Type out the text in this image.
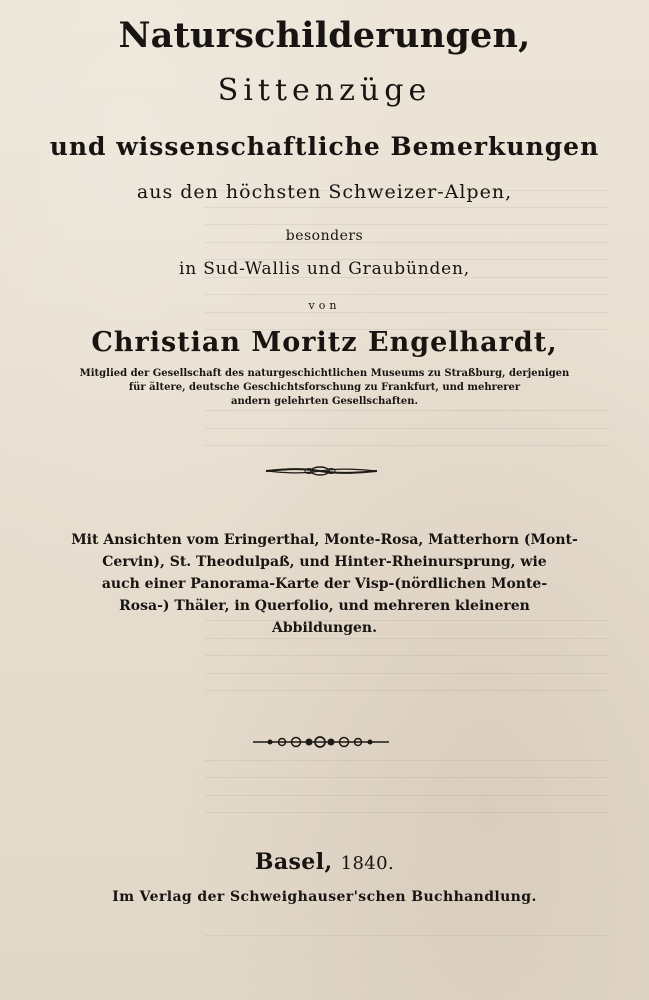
Naturschilderungen,
Sittenzüge
und wissenschaftliche Bemerkungen
aus den höchsten Schweizer-Alpen,
besonders
in Sud-Wallis und Graubünden,
von
Christian Moritz Engelhardt,
Mitglied der Gesellschaft des naturgeschichtlichen Museums zu Straßburg, derjenigen
für ältere, deutsche Geschichtsforschung zu Frankfurt, und mehrerer
andern gelehrten Gesellschaften.
Mit Ansichten vom Eringerthal, Monte-Rosa, Matterhorn (Mont-
Cervin), St. Theodulpaß, und Hinter-Rheinursprung, wie
auch einer Panorama-Karte der Visp-(nördlichen Monte-
Rosa-) Thäler, in Querfolio, und mehreren kleineren
Abbildungen.
Basel, 1840.
Im Verlag der Schweighauser'schen Buchhandlung.
